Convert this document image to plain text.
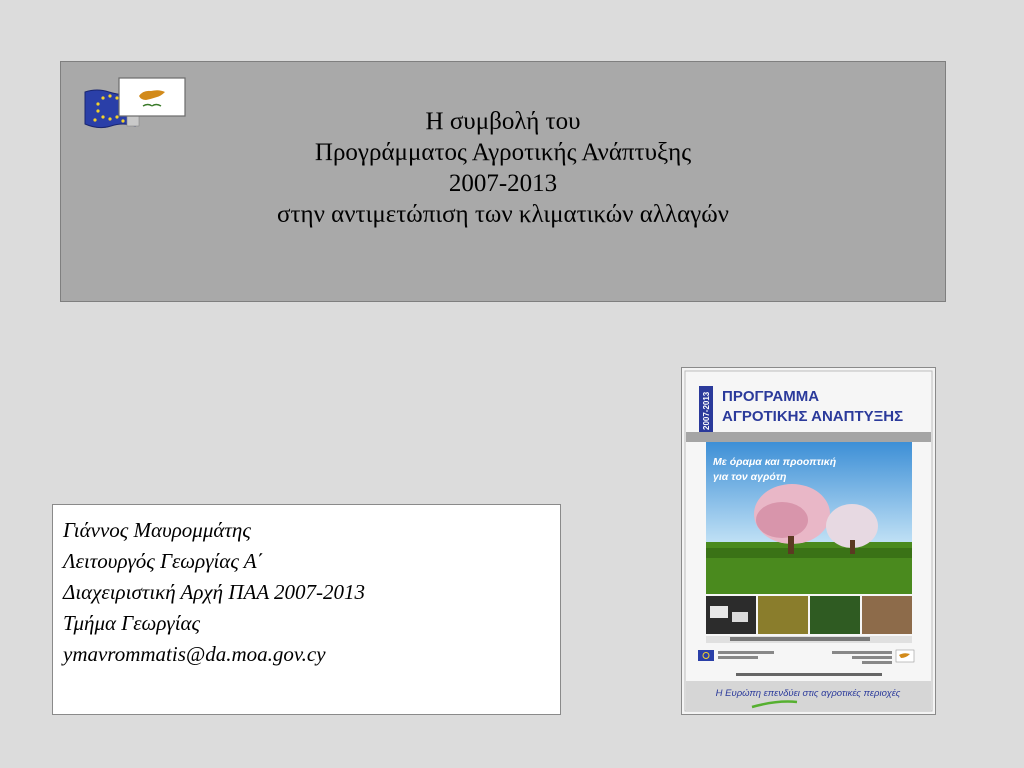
Η συμβολή του
Προγράμματος Αγροτικής Ανάπτυξης
2007-2013
στην αντιμετώπιση των κλιματικών αλλαγών
Γιάννος Μαυρομμάτης
Λειτουργός Γεωργίας Α΄
Διαχειριστική Αρχή ΠΑΑ 2007-2013
Τμήμα Γεωργίας
ymavrommatis@da.moa.gov.cy
2007-2013 ΠΡΟΓΡΑΜΜΑ
ΑΓΡΟΤΙΚΗΣ ΑΝΑΠΤΥΞΗΣ
Με όραμα και προοπτική
για τον αγρότη
Η Ευρώπη επενδύει στις αγροτικές περιοχές
